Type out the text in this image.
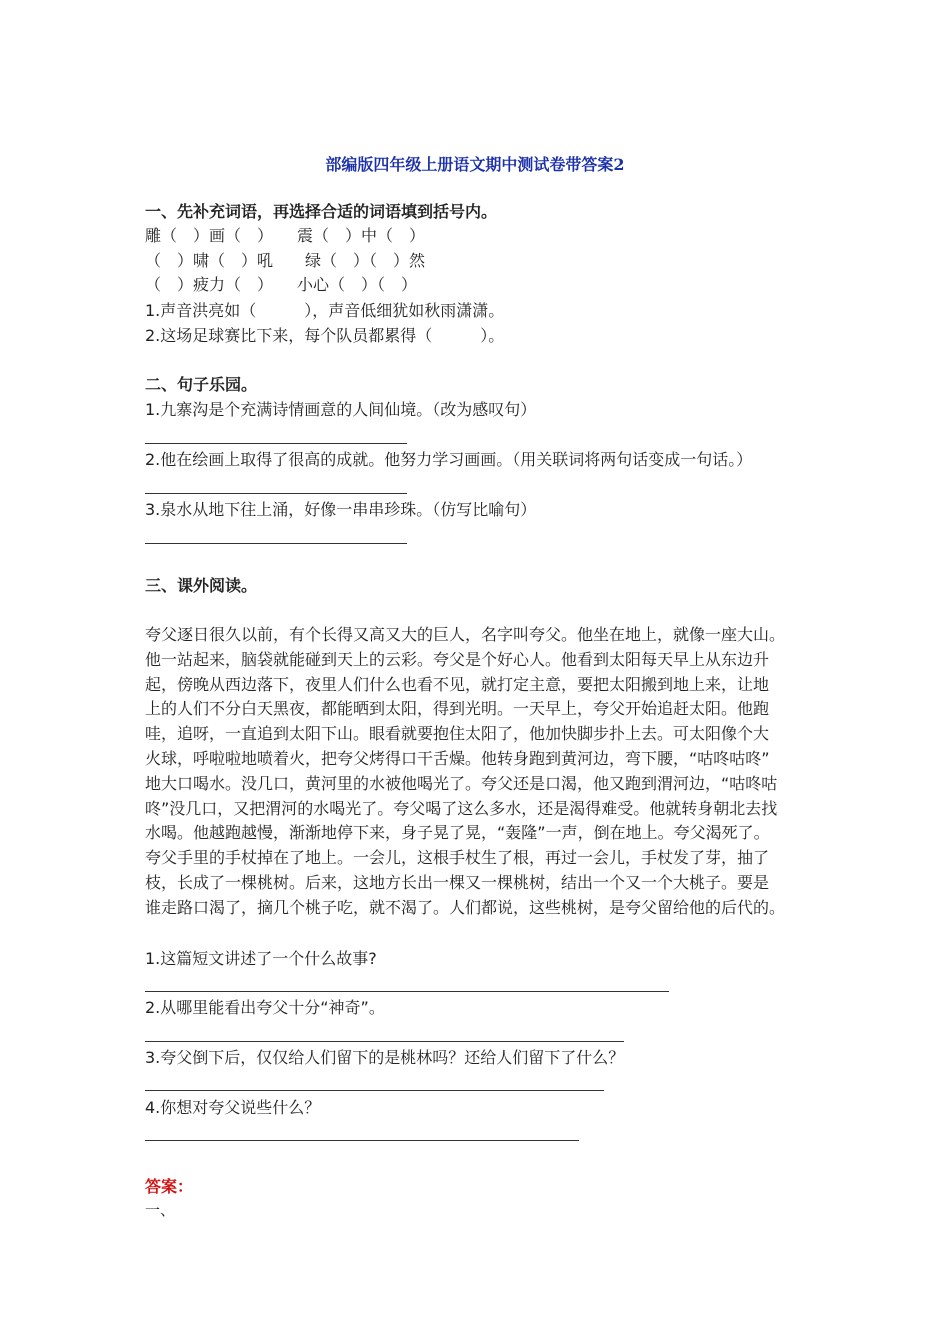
部编版四年级上册语文期中测试卷带答案2
一、先补充词语，再选择合适的词语填到括号内。
雕（　）画（　）　　震（　）中（　）
（　）啸（　）吼　　绿（　）（　）然
（　）疲力（　）　　小心（　）（　）
1.声音洪亮如（　　　），声音低细犹如秋雨潇潇。
2.这场足球赛比下来，每个队员都累得（　　　）。
二、句子乐园。
1.九寨沟是个充满诗情画意的人间仙境。（改为感叹句）
2.他在绘画上取得了很高的成就。他努力学习画画。（用关联词将两句话变成一句话。）
3.泉水从地下往上涌，好像一串串珍珠。（仿写比喻句）
三、课外阅读。
夸父逐日很久以前，有个长得又高又大的巨人，名字叫夸父。他坐在地上，就像一座大山。
他一站起来，脑袋就能碰到天上的云彩。夸父是个好心人。他看到太阳每天早上从东边升
起，傍晚从西边落下，夜里人们什么也看不见，就打定主意，要把太阳搬到地上来，让地
上的人们不分白天黑夜，都能晒到太阳，得到光明。一天早上，夸父开始追赶太阳。他跑
哇，追呀，一直追到太阳下山。眼看就要抱住太阳了，他加快脚步扑上去。可太阳像个大
火球，呼啦啦地喷着火，把夸父烤得口干舌燥。他转身跑到黄河边，弯下腰，“咕咚咕咚”
地大口喝水。没几口，黄河里的水被他喝光了。夸父还是口渴，他又跑到渭河边，“咕咚咕
咚”没几口，又把渭河的水喝光了。夸父喝了这么多水，还是渴得难受。他就转身朝北去找
水喝。他越跑越慢，渐渐地停下来，身子晃了晃，“轰隆”一声，倒在地上。夸父渴死了。
夸父手里的手杖掉在了地上。一会儿，这根手杖生了根，再过一会儿，手杖发了芽，抽了
枝，长成了一棵桃树。后来，这地方长出一棵又一棵桃树，结出一个又一个大桃子。要是
谁走路口渴了，摘几个桃子吃，就不渴了。人们都说，这些桃树，是夸父留给他的后代的。
1.这篇短文讲述了一个什么故事?
2.从哪里能看出夸父十分“神奇”。
3.夸父倒下后，仅仅给人们留下的是桃林吗？还给人们留下了什么？
4.你想对夸父说些什么？
答案：
一、
